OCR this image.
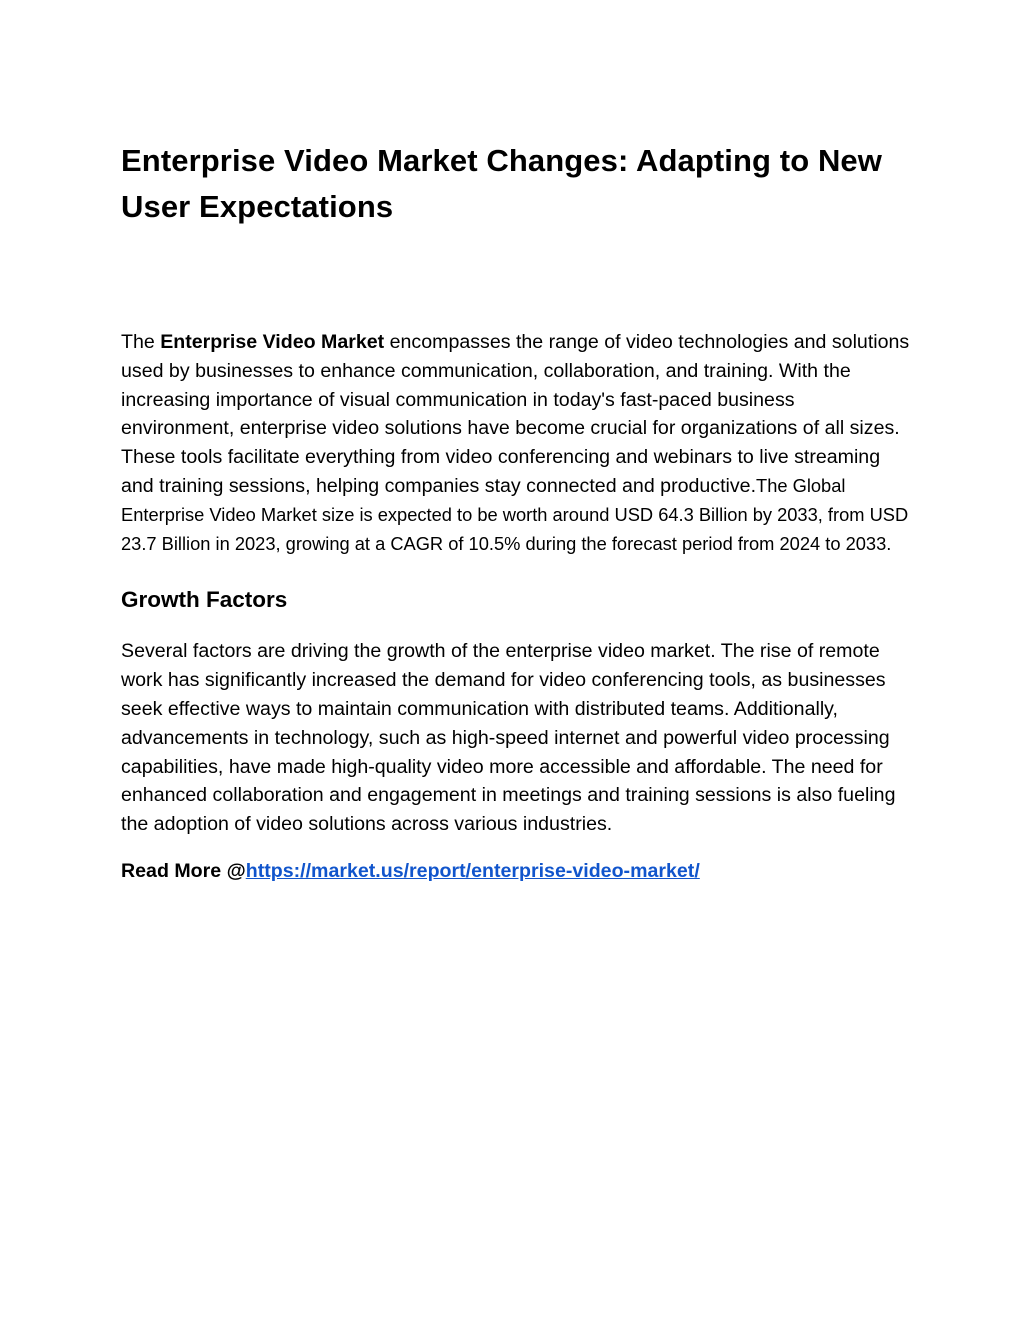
Enterprise Video Market Changes: Adapting to New User Expectations

The Enterprise Video Market encompasses the range of video technologies and solutions used by businesses to enhance communication, collaboration, and training. With the increasing importance of visual communication in today's fast-paced business environment, enterprise video solutions have become crucial for organizations of all sizes. These tools facilitate everything from video conferencing and webinars to live streaming and training sessions, helping companies stay connected and productive.The Global Enterprise Video Market size is expected to be worth around USD 64.3 Billion by 2033, from USD 23.7 Billion in 2023, growing at a CAGR of 10.5% during the forecast period from 2024 to 2033.

Growth Factors

Several factors are driving the growth of the enterprise video market. The rise of remote work has significantly increased the demand for video conferencing tools, as businesses seek effective ways to maintain communication with distributed teams. Additionally, advancements in technology, such as high-speed internet and powerful video processing capabilities, have made high-quality video more accessible and affordable. The need for enhanced collaboration and engagement in meetings and training sessions is also fueling the adoption of video solutions across various industries.

Read More @https://market.us/report/enterprise-video-market/
